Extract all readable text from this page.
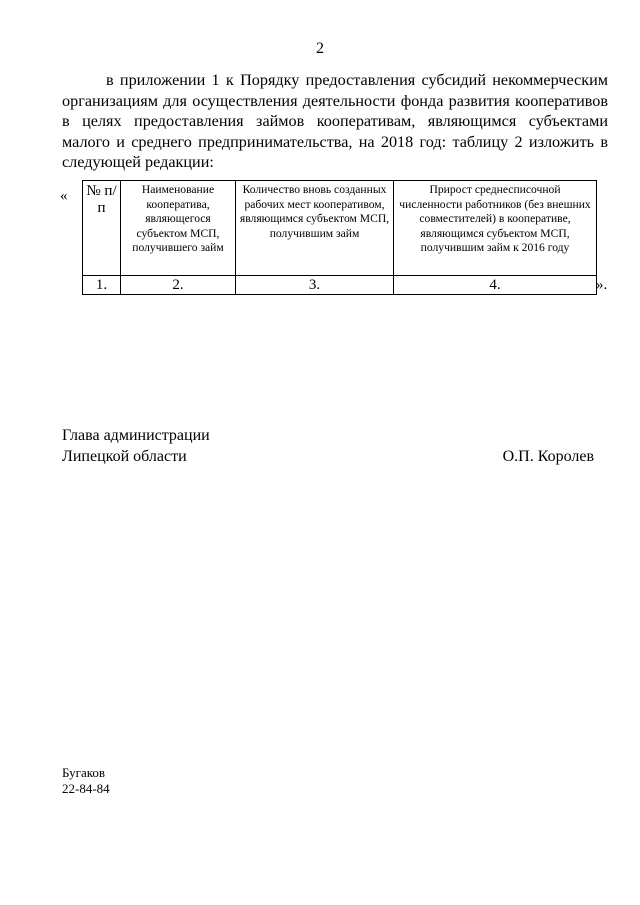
2
в приложении 1 к Порядку предоставления субсидий некоммерческим организациям для осуществления деятельности фонда развития кооперативов в целях предоставления займов кооперативам, являющимся субъектами малого и среднего предпринимательства, на 2018 год: таблицу 2 изложить в следующей редакции:
« № п/п	Наименование кооператива, являющегося субъектом МСП, получившего займ	Количество вновь созданных рабочих мест кооперативом, являющимся субъектом МСП, получившим займ	Прирост среднесписочной численности работников (без внешних совместителей) в кооперативе, являющимся субъектом МСП, получившим займ к 2016 году
1.	2.	3.	4.	».
Глава администрации
Липецкой области	О.П. Королев
Бугаков
22-84-84
